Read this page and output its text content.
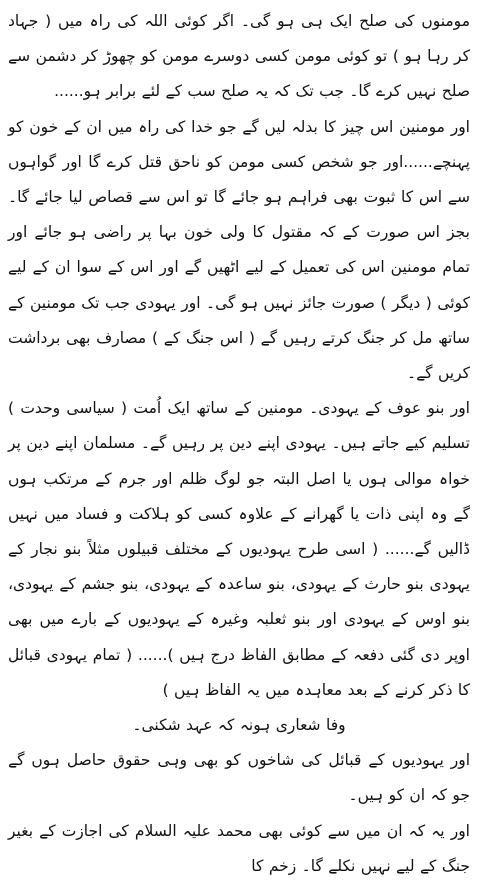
مومنوں کی صلح ایک ہی ہو گی۔ اگر کوئی اللہ کی راہ میں ( جہاد کر رہا ہو ) تو کوئی مومن کسی دوسرے مومن کو چھوڑ کر دشمن سے صلح نہیں کرے گا۔ جب تک کہ یہ صلح سب کے لئے برابر ہو......

اور مومنین اس چیز کا بدلہ لیں گے جو خدا کی راہ میں ان کے خون کو پہنچے......اور جو شخص کسی مومن کو ناحق قتل کرے گا اور گواہوں سے اس کا ثبوت بھی فراہم ہو جائے گا تو اس سے قصاص لیا جائے گا۔ بجز اس صورت کے کہ مقتول کا ولی خون بہا پر راضی ہو جائے اور تمام مومنین اس کی تعمیل کے لیے اٹھیں گے اور اس کے سوا ان کے لیے کوئی ( دیگر ) صورت جائز نہیں ہو گی۔ اور یہودی جب تک مومنین کے ساتھ مل کر جنگ کرتے رہیں گے ( اس جنگ کے ) مصارف بھی برداشت کریں گے۔

اور بنو عوف کے یہودی۔ مومنین کے ساتھ ایک اُمت ( سیاسی وحدت ) تسلیم کیے جاتے ہیں۔ یہودی اپنے دین پر رہیں گے۔ مسلمان اپنے دین پر خواہ موالی ہوں یا اصل البتہ جو لوگ ظلم اور جرم کے مرتکب ہوں گے وہ اپنی ذات یا گھرانے کے علاوہ کسی کو ہلاکت و فساد میں نہیں ڈالیں گے...... ( اسی طرح یہودیوں کے مختلف قبیلوں مثلاً بنو نجار کے یہودی بنو حارث کے یہودی، بنو ساعدہ کے یہودی، بنو جشم کے یہودی، بنو اوس کے یہودی اور بنو ثعلبہ وغیرہ کے یہودیوں کے بارے میں بھی اوپر دی گئی دفعہ کے مطابق الفاظ درج ہیں )...... ( تمام یہودی قبائل کا ذکر کرنے کے بعد معاہدہ میں یہ الفاظ ہیں )

وفا شعاری ہونہ کہ عہد شکنی۔

اور یہودیوں کے قبائل کی شاخوں کو بھی وہی حقوق حاصل ہوں گے جو کہ ان کو ہیں۔

اور یہ کہ ان میں سے کوئی بھی محمد علیہ السلام کی اجازت کے بغیر جنگ کے لیے نہیں نکلے گا۔ زخم کا
